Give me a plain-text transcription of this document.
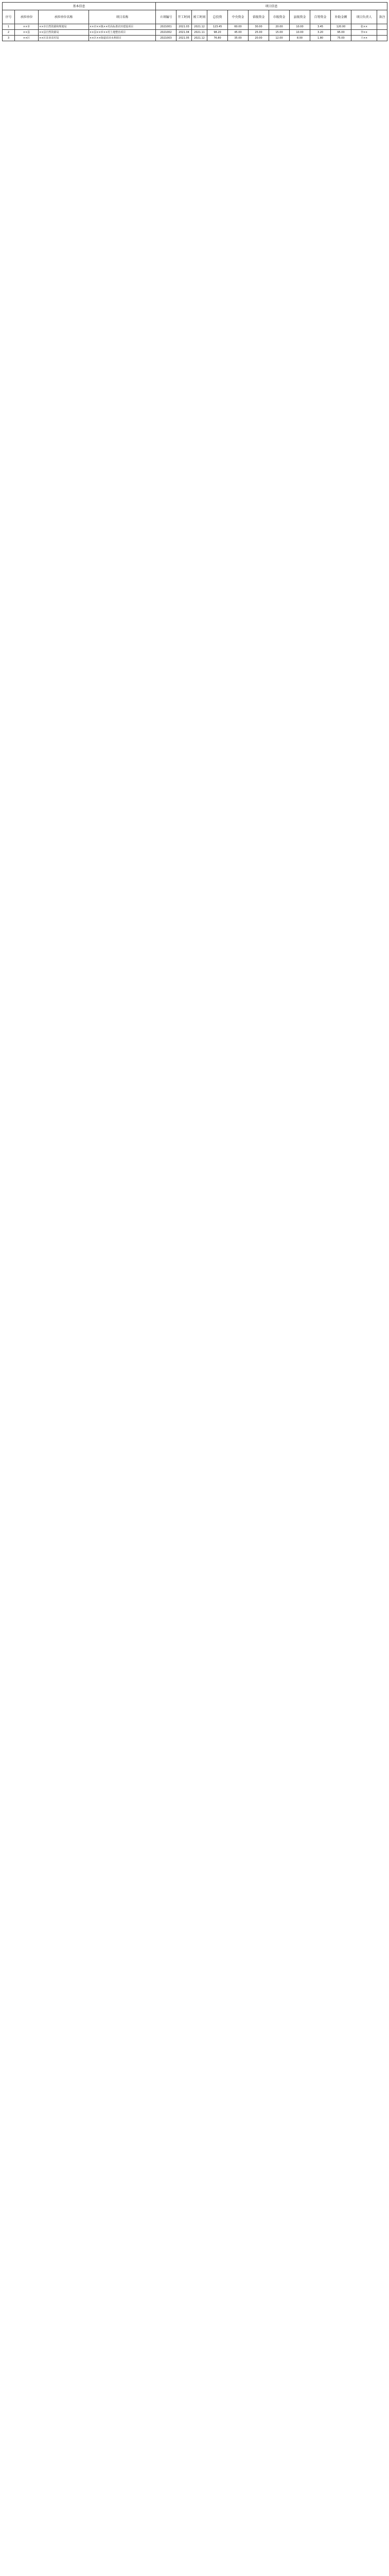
基本信息				项目信息											
序号	承担单位	承担单位名称	项目名称	立项编号	开工时间	竣工时间	总投资	中央资金	省级资金	市级资金	县级资金	自筹资金	补助金额	项目负责人	备注
1	××市	××市自然资源和规划局	××市××镇××村高标准农田建设项目	2021001	2021.03	2021.12	123.45	60.00	30.00	20.00	10.00	3.45	120.00	张××	
2	××县	××县自然资源局	××县××乡××村土地整治项目	2021002	2021.04	2021.11	98.20	45.00	25.00	15.00	10.00	3.20	95.00	李××	
3	××区	××区农业农村局	××区××街道农田水利项目	2021003	2021.05	2021.12	76.80	35.00	20.00	12.00	8.00	1.80	75.00	王××	
